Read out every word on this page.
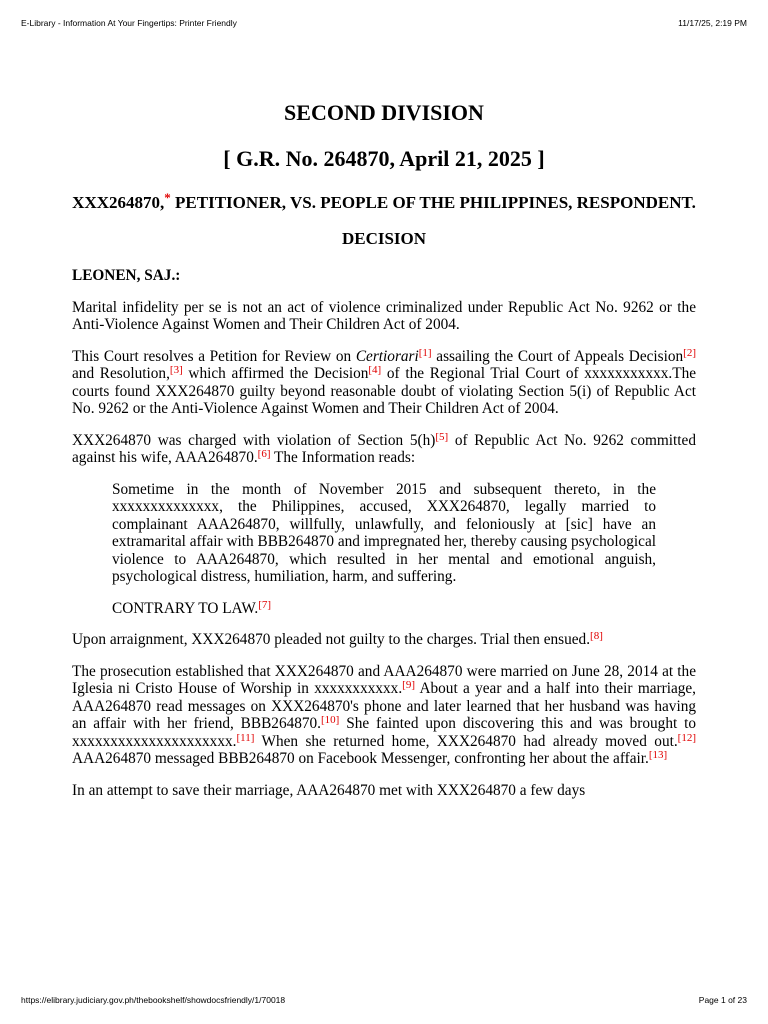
E-Library - Information At Your Fingertips: Printer Friendly	11/17/25, 2:19 PM
SECOND DIVISION
[ G.R. No. 264870, April 21, 2025 ]
XXX264870,* PETITIONER, VS. PEOPLE OF THE PHILIPPINES, RESPONDENT.
DECISION
LEONEN, SAJ.:

Marital infidelity per se is not an act of violence criminalized under Republic Act No. 9262 or the Anti-Violence Against Women and Their Children Act of 2004.

This Court resolves a Petition for Review on Certiorari[1] assailing the Court of Appeals Decision[2] and Resolution,[3] which affirmed the Decision[4] of the Regional Trial Court of xxxxxxxxxxx.The courts found XXX264870 guilty beyond reasonable doubt of violating Section 5(i) of Republic Act No. 9262 or the Anti-Violence Against Women and Their Children Act of 2004.

XXX264870 was charged with violation of Section 5(h)[5] of Republic Act No. 9262 committed against his wife, AAA264870.[6] The Information reads:

Sometime in the month of November 2015 and subsequent thereto, in the xxxxxxxxxxxxxx, the Philippines, accused, XXX264870, legally married to complainant AAA264870, willfully, unlawfully, and feloniously at [sic] have an extramarital affair with BBB264870 and impregnated her, thereby causing psychological violence to AAA264870, which resulted in her mental and emotional anguish, psychological distress, humiliation, harm, and suffering.

CONTRARY TO LAW.[7]

Upon arraignment, XXX264870 pleaded not guilty to the charges. Trial then ensued.[8]

The prosecution established that XXX264870 and AAA264870 were married on June 28, 2014 at the Iglesia ni Cristo House of Worship in xxxxxxxxxxx.[9] About a year and a half into their marriage, AAA264870 read messages on XXX264870's phone and later learned that her husband was having an affair with her friend, BBB264870.[10] She fainted upon discovering this and was brought to xxxxxxxxxxxxxxxxxxxxx.[11] When she returned home, XXX264870 had already moved out.[12] AAA264870 messaged BBB264870 on Facebook Messenger, confronting her about the affair.[13]

In an attempt to save their marriage, AAA264870 met with XXX264870 a few days

https://elibrary.judiciary.gov.ph/thebookshelf/showdocsfriendly/1/70018	Page 1 of 23
